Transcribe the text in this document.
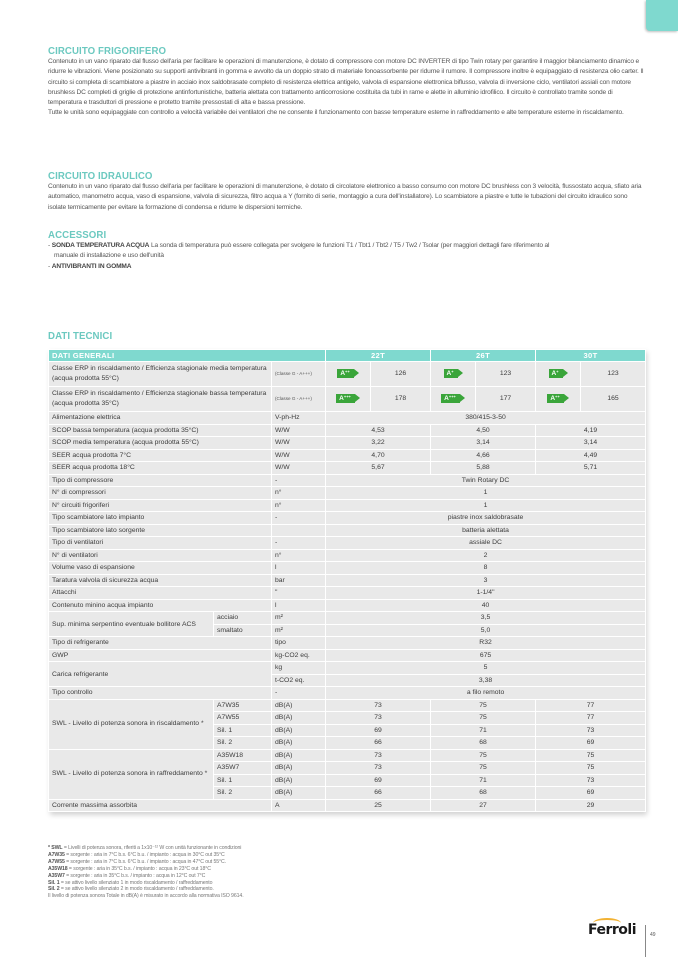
CIRCUITO FRIGORIFERO

Contenuto in un vano riparato dal flusso dell'aria per facilitare le operazioni di manutenzione, è dotato di compressore con motore DC INVERTER di tipo Twin rotary per garantire il maggior bilanciamento dinamico e ridurre le vibrazioni. Viene posizionato su supporti antivibranti in gomma e avvolto da un doppio strato di materiale fonoassorbente per ridurne il rumore. Il compressore inoltre è equipaggiato di resistenza olio carter. Il circuito si completa di scambiatore a piastre in acciaio inox saldobrasate completo di resistenza elettrica antigelo, valvola di espansione elettronica biflusso, valvola di inversione ciclo, ventilatori assiali con motore brushless DC completi di griglie di protezione antinfortunistiche, batteria alettata con trattamento anticorrosione costituita da tubi in rame e alette in alluminio idrofilico. Il circuito è controllato tramite sonde di temperatura e trasduttori di pressione e protetto tramite pressostati di alta e bassa pressione.

Tutte le unità sono equipaggiate con controllo a velocità variabile dei ventilatori che ne consente il funzionamento con basse temperature esterne in raffreddamento e alte temperature esterne in riscaldamento.

CIRCUITO IDRAULICO

Contenuto in un vano riparato dal flusso dell'aria per facilitare le operazioni di manutenzione, è dotato di circolatore elettronico a basso consumo con motore DC brushless con 3 velocità, flussostato acqua, sfiato aria automatico, manometro acqua, vaso di espansione, valvola di sicurezza, filtro acqua a Y (fornito di serie, montaggio a cura dell'installatore). Lo scambiatore a piastre e tutte le tubazioni del circuito idraulico sono isolate termicamente per evitare la formazione di condensa e ridurre le dispersioni termiche.

ACCESSORI
- SONDA TEMPERATURA ACQUA La sonda di temperatura può essere collegata per svolgere le funzioni T1 / Tbt1 / Tbt2 / T5 / Tw2 / Tsolar (per maggiori dettagli fare riferimento al
manuale di installazione e uso dell'unità
- ANTIVIBRANTI IN GOMMA
DATI TECNICI
DATI GENERALI			22T		26T		30T	
Classe ERP in riscaldamento / Efficienza stagionale media temperatura (acqua prodotta 55°C)		(Classe G - A+++)	A++	126	A+	123	A+	123
Classe ERP in riscaldamento / Efficienza stagionale bassa temperatura (acqua prodotta 35°C)		(Classe G - A+++)	A+++	178	A+++	177	A++	165
Alimentazione elettrica		V-ph-Hz	380/415-3-50					
SCOP bassa temperatura (acqua prodotta 35°C)		W/W	4,53		4,50		4,19	
SCOP media temperatura (acqua prodotta 55°C)		W/W	3,22		3,14		3,14	
SEER acqua prodotta 7°C		W/W	4,70		4,66		4,49	
SEER acqua prodotta 18°C		W/W	5,67		5,88		5,71	
Tipo di compressore		-	Twin Rotary DC					
N° di compressori		n°	1					
N° circuiti frigoriferi		n°	1					
Tipo scambiatore lato impianto		-	piastre inox saldobrasate					
Tipo scambiatore lato sorgente			batteria alettata					
Tipo di ventilatori		-	assiale DC					
N° di ventilatori		n°	2					
Volume vaso di espansione		l	8					
Taratura valvola di sicurezza acqua		bar	3					
Attacchi		"	1-1/4"					
Contenuto minino acqua impianto		l	40					
Sup. minima serpentino eventuale bollitore ACS	acciaio	m²	3,5					
	smaltato	m²	5,0					
Tipo di refrigerante		tipo	R32					
GWP		kg-CO2 eq.	675					
Carica refrigerante		kg	5					
		t-CO2 eq.	3,38					
Tipo controllo		-	a filo remoto					
SWL - Livello di potenza sonora in riscaldamento *	A7W35	dB(A)	73		75		77	
	A7W55	dB(A)	73		75		77	
	Sil. 1	dB(A)	69		71		73	
	Sil. 2	dB(A)	66		68		69	
SWL - Livello di potenza sonora in raffreddamento *	A35W18	dB(A)	73		75		75	
	A35W7	dB(A)	73		75		75	
	Sil. 1	dB(A)	69		71		73	
	Sil. 2	dB(A)	66		68		69	
Corrente massima assorbita		A	25		27		29	
* SWL = Livelli di potenza sonora, riferiti a 1x10⁻¹² W con unità funzionante in condizioni
A7W35 = sorgente : aria in 7°C b.s. 6°C b.u. / impianto : acqua in 30°C out 35°C
A7W55 = sorgente : aria in 7°C b.s. 6°C b.u. / impianto : acqua in 47°C out 55°C.
A35W18 = sorgente : aria in 35°C b.s. / impianto : acqua in 23°C out 18°C
A35W7 = sorgente : aria in 35°C b.s. / impianto : acqua in 12°C out 7°C
Sil. 1 = se attivo livello silenziato 1 in modo riscaldamento / raffreddamento
Sil. 2 = se attivo livello silenziato 2 in modo riscaldamento / raffreddamento.
Il livello di potenza sonora Totale in dB(A) è misurato in accordo alla normativa ISO 9614.
Ferroli	49
